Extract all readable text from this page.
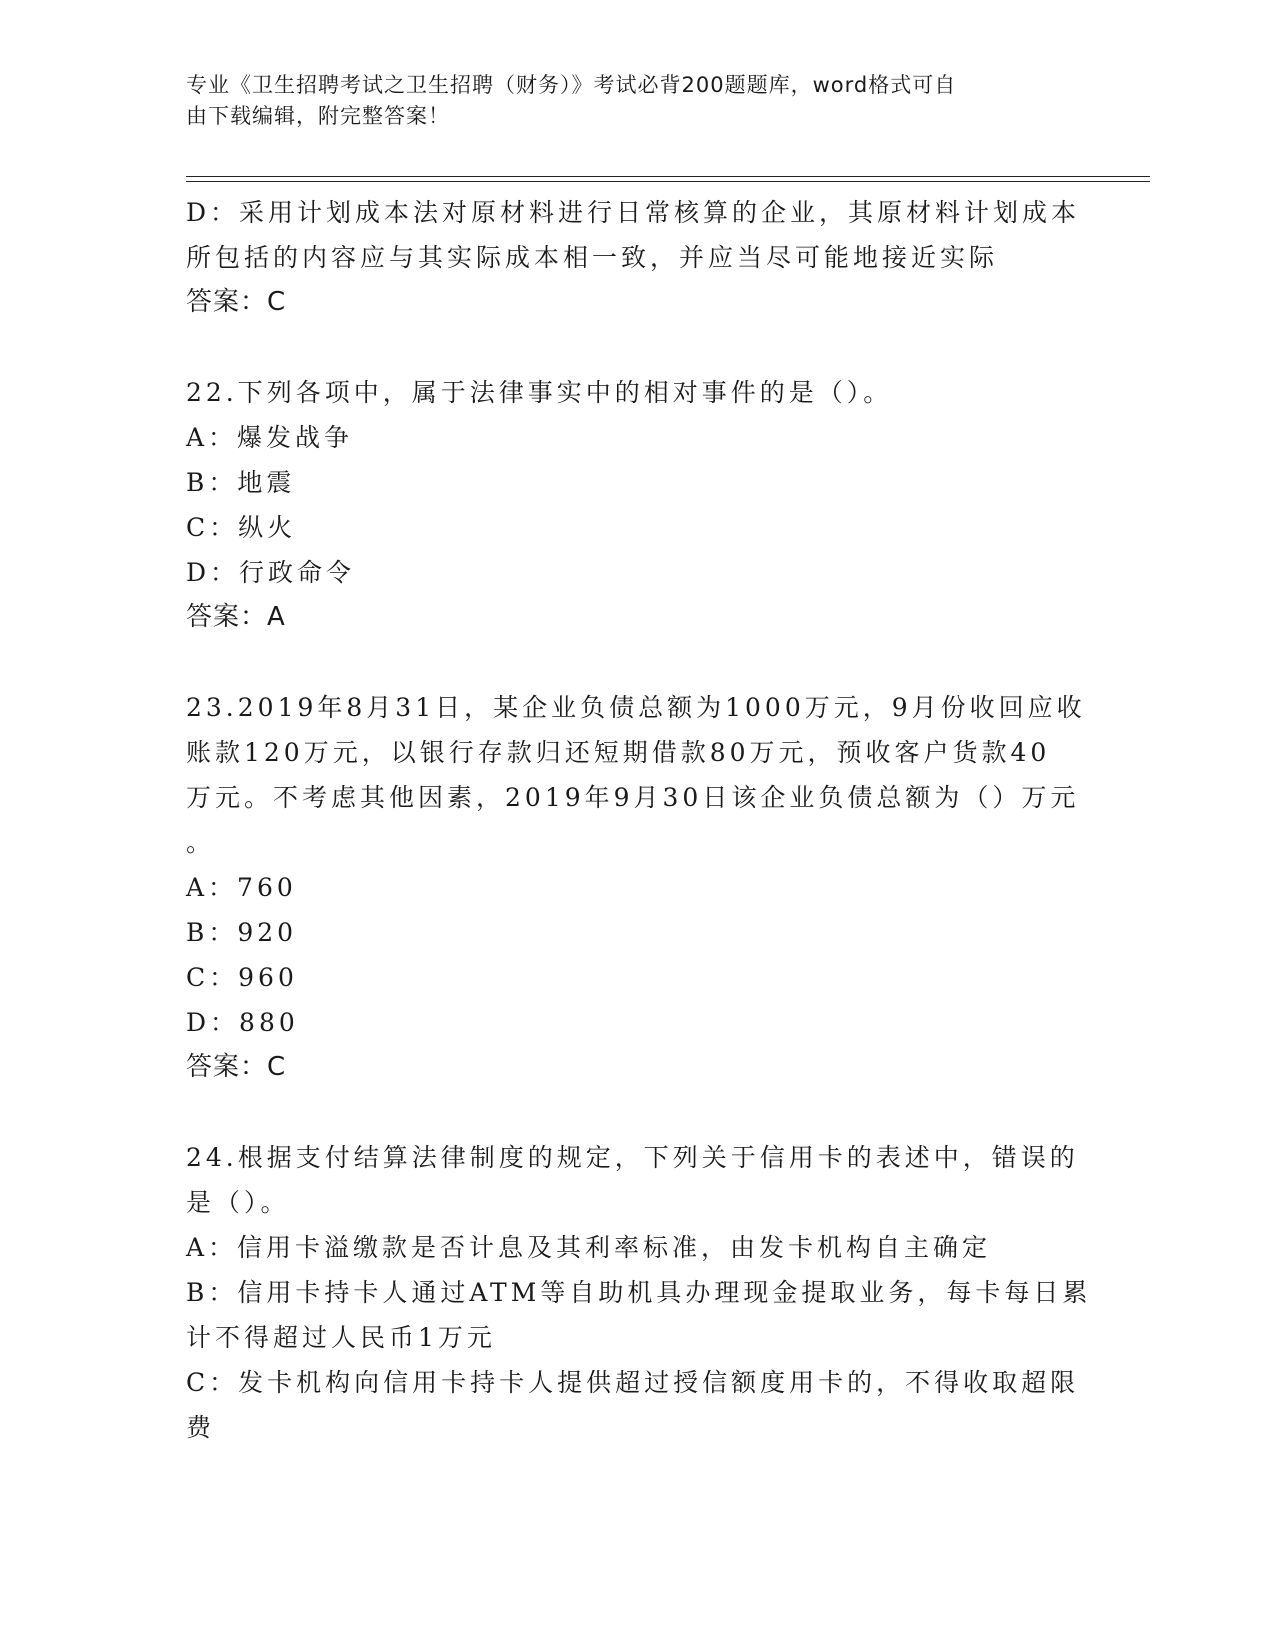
专业《卫生招聘考试之卫生招聘（财务）》考试必背200题题库，word格式可自
由下载编辑，附完整答案！
D：采用计划成本法对原材料进行日常核算的企业，其原材料计划成本
所包括的内容应与其实际成本相一致，并应当尽可能地接近实际
答案：C
22.下列各项中，属于法律事实中的相对事件的是（）。
A：爆发战争
B：地震
C：纵火
D：行政命令
答案：A
23.2019年8月31日，某企业负债总额为1000万元，9月份收回应收
账款120万元，以银行存款归还短期借款80万元，预收客户货款40
万元。不考虑其他因素，2019年9月30日该企业负债总额为（）万元
。
A：760
B：920
C：960
D：880
答案：C
24.根据支付结算法律制度的规定，下列关于信用卡的表述中，错误的
是（）。
A：信用卡溢缴款是否计息及其利率标准，由发卡机构自主确定
B：信用卡持卡人通过ATM等自助机具办理现金提取业务，每卡每日累
计不得超过人民币1万元
C：发卡机构向信用卡持卡人提供超过授信额度用卡的，不得收取超限
费
